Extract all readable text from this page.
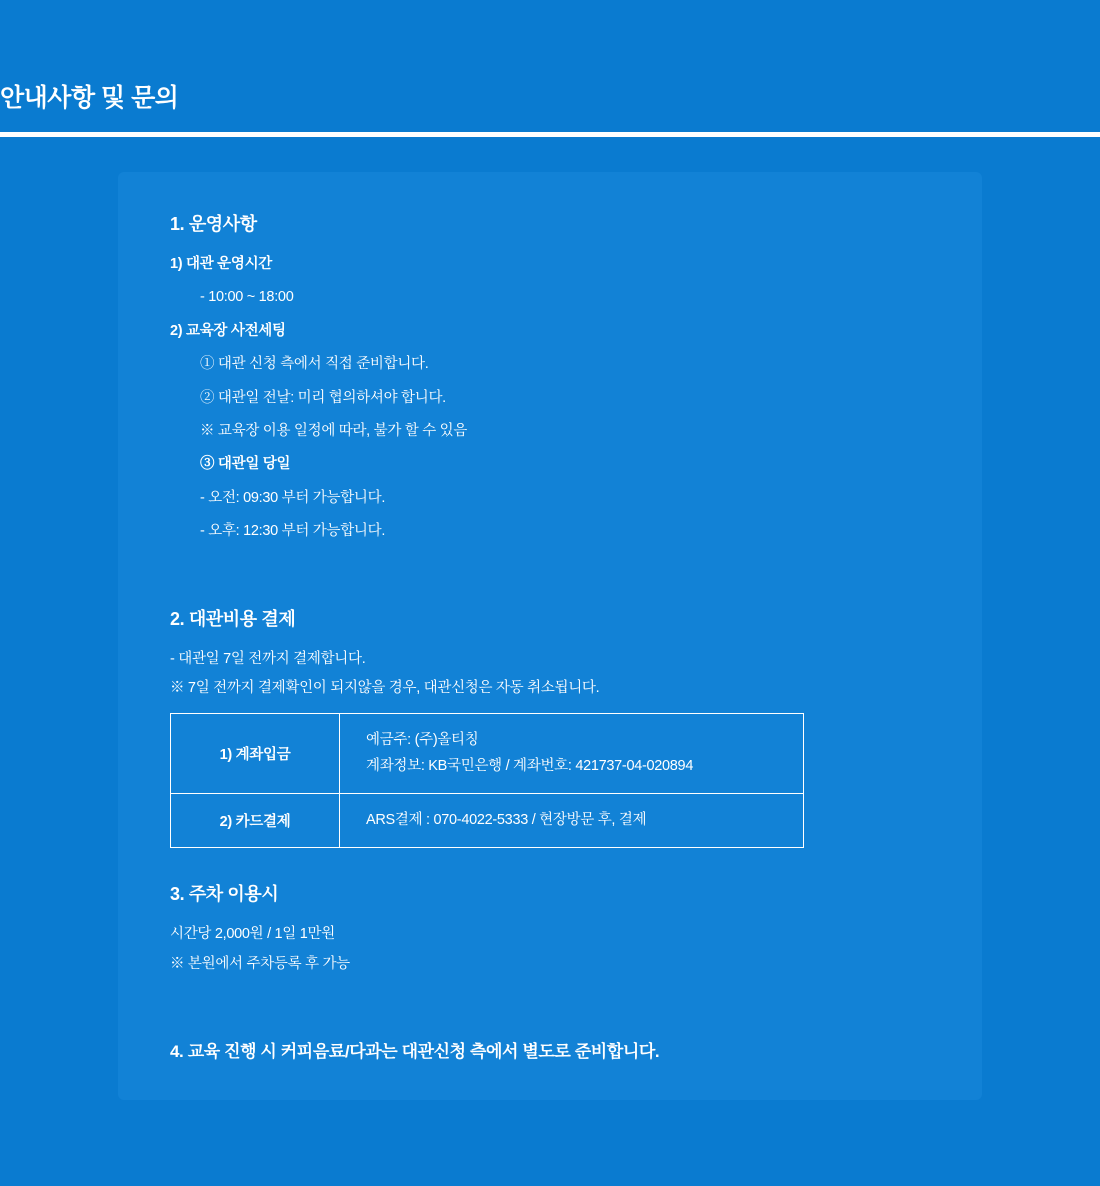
안내사항 및 문의
1. 운영사항
1) 대관 운영시간
- 10:00 ~ 18:00
2) 교육장 사전세팅
① 대관 신청 측에서 직접 준비합니다.
② 대관일 전날: 미리 협의하셔야 합니다.
※ 교육장 이용 일정에 따라, 불가 할 수 있음
③ 대관일 당일
- 오전: 09:30 부터 가능합니다.
- 오후: 12:30 부터 가능합니다.
2. 대관비용 결제
- 대관일 7일 전까지 결제합니다.
※ 7일 전까지 결제확인이 되지않을 경우, 대관신청은 자동 취소됩니다.
1) 계좌입금	예금주: (주)올티칭
계좌정보: KB국민은행 / 계좌번호: 421737-04-020894

2) 카드결제	ARS결제 : 070-4022-5333 / 현장방문 후, 결제
3. 주차 이용시
시간당 2,000원 / 1일 1만원
※ 본원에서 주차등록 후 가능
4. 교육 진행 시 커피음료/다과는 대관신청 측에서 별도로 준비합니다.
